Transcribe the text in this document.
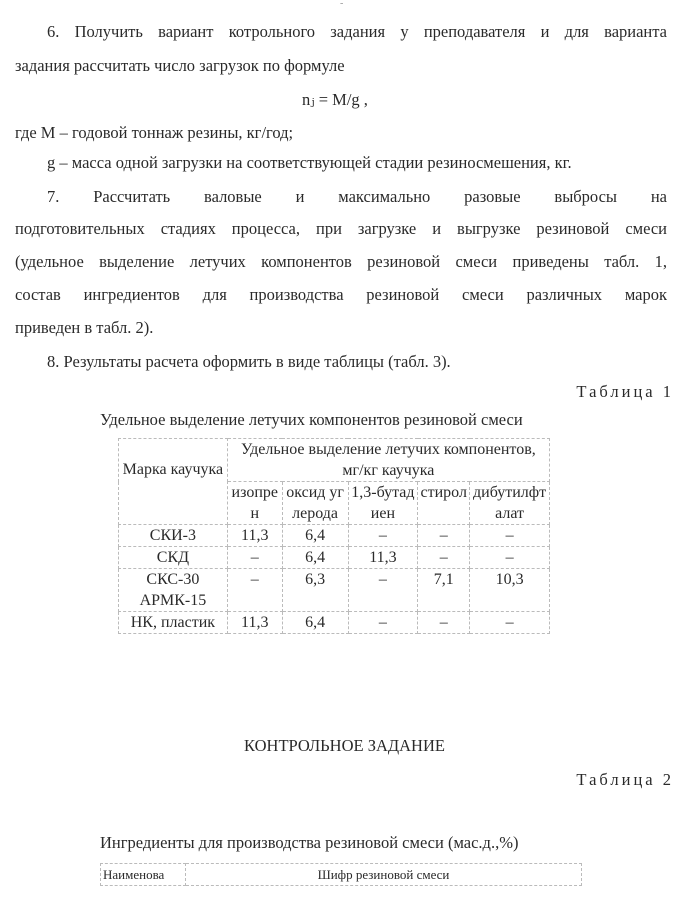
-
6. Получить вариант котрольного задания у преподавателя и для варианта
задания рассчитать число загрузок по формуле
nⱼ = M/g ,
где М – годовой тоннаж резины, кг/год;
g – масса одной загрузки на соответствующей стадии резиносмешения, кг.
7. Рассчитать валовые и максимально разовые выбросы на
подготовительных стадиях процесса, при загрузке и выгрузке резиновой смеси
(удельное выделение летучих компонентов резиновой смеси приведены табл. 1,
состав ингредиентов для производства резиновой смеси различных марок
приведен в табл. 2).
8. Результаты расчета оформить в виде таблицы (табл. 3).
Таблица 1
Удельное выделение летучих компонентов резиновой смеси
Марка каучука	Удельное выделение летучих компонентов, мг/кг каучука				
	изопрен	оксид углерода	1,3-бутадиен	стирол	дибутилфталат
СКИ-3	11,3	6,4	–	–	–
СКД	–	6,4	11,3	–	–
СКС-30 АРМК-15	–	6,3	–	7,1	10,3
НК, пластик	11,3	6,4	–	–	–
КОНТРОЛЬНОЕ ЗАДАНИЕ
Таблица 2
Ингредиенты для производства резиновой смеси (мас.д.,%)
Наименова	Шифр резиновой смеси
